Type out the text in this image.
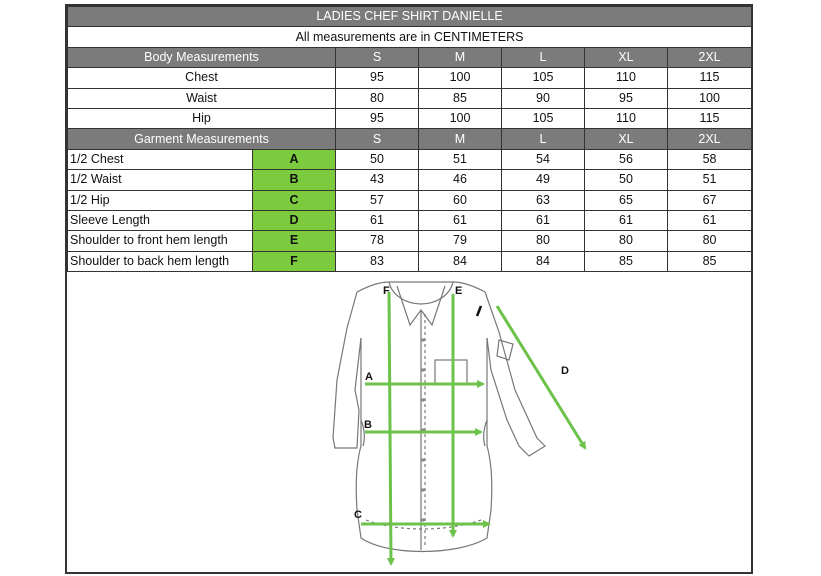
LADIES CHEF SHIRT DANIELLE						
All measurements are in CENTIMETERS						
Body Measurements		S	M	L	XL	2XL
Chest		95	100	105	110	115
Waist		80	85	90	95	100
Hip		95	100	105	110	115
Garment Measurements		S	M	L	XL	2XL
1/2 Chest	A	50	51	54	56	58
1/2 Waist	B	43	46	49	50	51
1/2 Hip	C	57	60	63	65	67
Sleeve Length	D	61	61	61	61	61
Shoulder to front hem length	E	78	79	80	80	80
Shoulder to back hem length	F	83	84	84	85	85
A
B
C
D
E
F
